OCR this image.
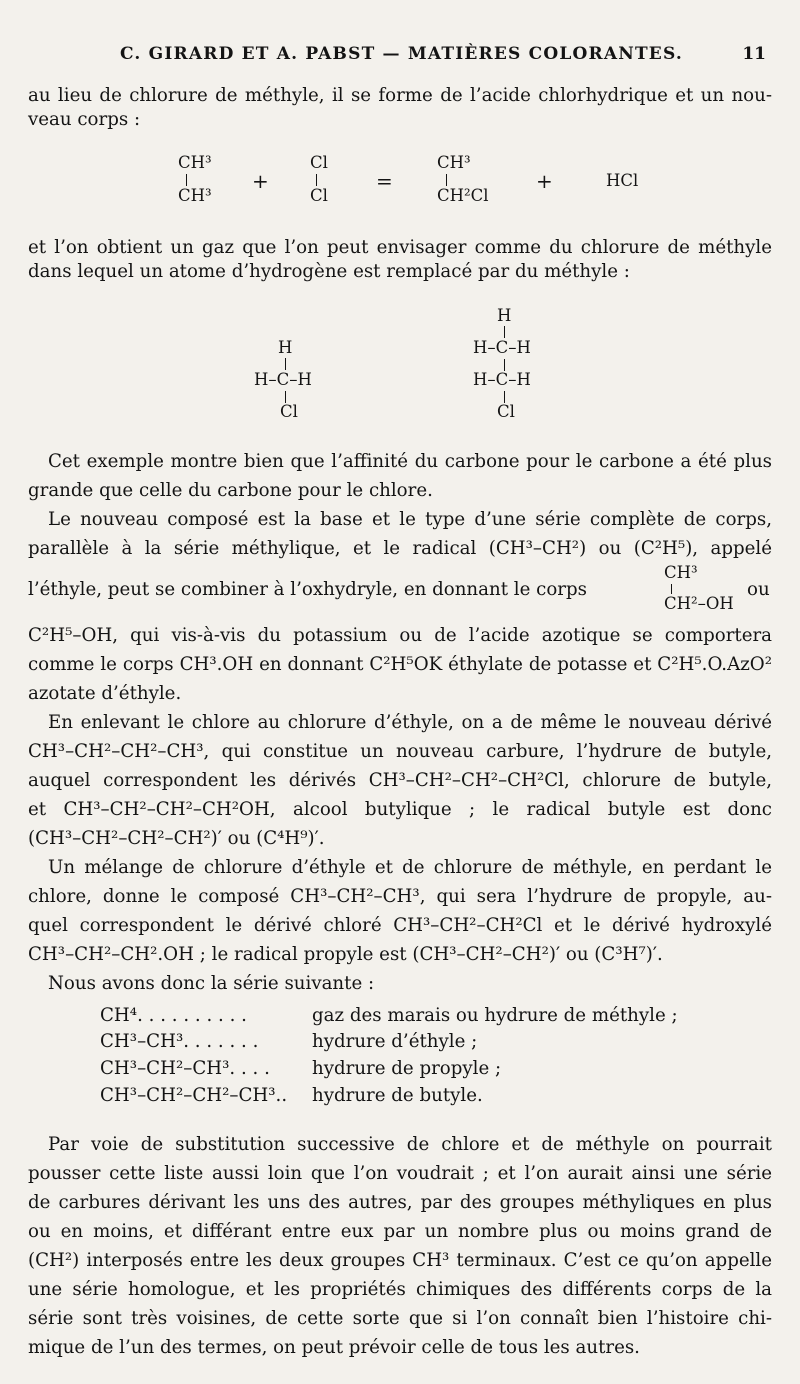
C. GIRARD ET A. PABST — MATIÈRES COLORANTES.	11
au lieu de chlorure de méthyle, il se forme de l’acide chlorhydrique et un nou-
veau corps :
CH³
CH³
+
Cl
Cl
=
CH³
CH²Cl
+	HCl
et l’on obtient un gaz que l’on peut envisager comme du chlorure de méthyle
dans lequel un atome d’hydrogène est remplacé par du méthyle :
H
H–C–H
Cl
H
H–C–H
H–C–H
Cl
Cet exemple montre bien que l’affinité du carbone pour le carbone a été plus
grande que celle du carbone pour le chlore.
Le nouveau composé est la base et le type d’une série complète de corps,
parallèle à la série méthylique, et le radical (CH³–CH²) ou (C²H⁵), appelé
l’éthyle, peut se combiner à l’oxhydryle, en donnant le corps
CH³
CH²–OH
ou
C²H⁵–OH, qui vis-à-vis du potassium ou de l’acide azotique se comportera
comme le corps CH³.OH en donnant C²H⁵OK éthylate de potasse et C²H⁵.O.AzO²
azotate d’éthyle.
En enlevant le chlore au chlorure d’éthyle, on a de même le nouveau dérivé
CH³–CH²–CH²–CH³, qui constitue un nouveau carbure, l’hydrure de butyle,
auquel correspondent les dérivés CH³–CH²–CH²–CH²Cl, chlorure de butyle,
et CH³–CH²–CH²–CH²OH, alcool butylique ; le radical butyle est donc
(CH³–CH²–CH²–CH²)′ ou (C⁴H⁹)′.
Un mélange de chlorure d’éthyle et de chlorure de méthyle, en perdant le
chlore, donne le composé CH³–CH²–CH³, qui sera l’hydrure de propyle, au-
quel correspondent le dérivé chloré CH³–CH²–CH²Cl et le dérivé hydroxylé
CH³–CH²–CH².OH ; le radical propyle est (CH³–CH²–CH²)′ ou (C³H⁷)′.
Nous avons donc la série suivante :
CH⁴. . . . . . . . . .	gaz des marais ou hydrure de méthyle ;
CH³–CH³. . . . . . .	hydrure d’éthyle ;
CH³–CH²–CH³. . . . hydrure de propyle ;
CH³–CH²–CH²–CH³.. hydrure de butyle.
Par voie de substitution successive de chlore et de méthyle on pourrait
pousser cette liste aussi loin que l’on voudrait ; et l’on aurait ainsi une série
de carbures dérivant les uns des autres, par des groupes méthyliques en plus
ou en moins, et différant entre eux par un nombre plus ou moins grand de
(CH²) interposés entre les deux groupes CH³ terminaux. C’est ce qu’on appelle
une série homologue, et les propriétés chimiques des différents corps de la
série sont très voisines, de cette sorte que si l’on connaît bien l’histoire chi-
mique de l’un des termes, on peut prévoir celle de tous les autres.
